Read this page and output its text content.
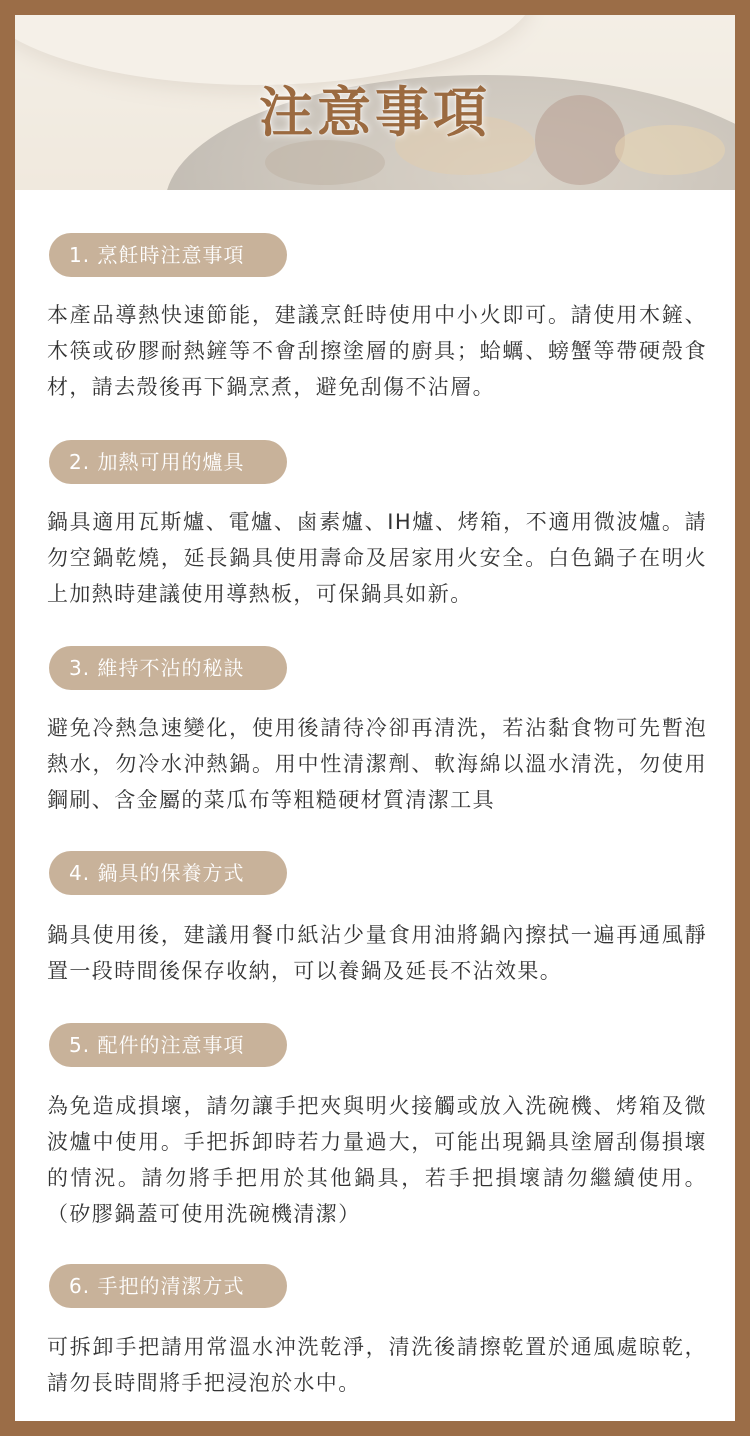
注意事項
1. 烹飪時注意事項

本產品導熱快速節能，建議烹飪時使用中小火即可。請使用木鏟、木筷或矽膠耐熱鏟等不會刮擦塗層的廚具；蛤蠣、螃蟹等帶硬殼食材，請去殼後再下鍋烹煮，避免刮傷不沾層。

2. 加熱可用的爐具

鍋具適用瓦斯爐、電爐、鹵素爐、IH爐、烤箱，不適用微波爐。請勿空鍋乾燒，延長鍋具使用壽命及居家用火安全。白色鍋子在明火上加熱時建議使用導熱板，可保鍋具如新。

3. 維持不沾的秘訣

避免冷熱急速變化，使用後請待冷卻再清洗，若沾黏食物可先暫泡熱水，勿冷水沖熱鍋。用中性清潔劑、軟海綿以溫水清洗，勿使用鋼刷、含金屬的菜瓜布等粗糙硬材質清潔工具

4. 鍋具的保養方式

鍋具使用後，建議用餐巾紙沾少量食用油將鍋內擦拭一遍再通風靜置一段時間後保存收納，可以養鍋及延長不沾效果。

5. 配件的注意事項

為免造成損壞，請勿讓手把夾與明火接觸或放入洗碗機、烤箱及微波爐中使用。手把拆卸時若力量過大，可能出現鍋具塗層刮傷損壞的情況。請勿將手把用於其他鍋具，若手把損壞請勿繼續使用。（矽膠鍋蓋可使用洗碗機清潔）

6. 手把的清潔方式

可拆卸手把請用常溫水沖洗乾淨，清洗後請擦乾置於通風處晾乾，請勿長時間將手把浸泡於水中。
